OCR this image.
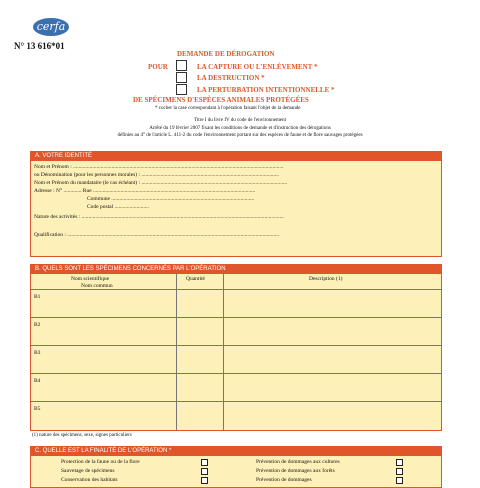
cerfa
N° 13 616*01
DEMANDE DE DÉROGATION
POUR	LA CAPTURE OU L'ENLÈVEMENT *
LA DESTRUCTION *
LA PERTURBATION INTENTIONNELLE *
DE SPÉCIMENS D'ESPÈCES ANIMALES PROTÉGÉES
* cocher la case correspondant à l'opération faisant l'objet de la demande
Titre I du livre IV du code de l'environnement
Arrêté du 19 février 2007 fixant les conditions de demande et d'instruction des dérogations
définies au 4° de l'article L. 411-2 du code l'environnement portant sur des espèces de faune et de flore sauvages protégées
A. VOTRE IDENTITÉ
Nom et Prénom : .........................................................................................................................................................
ou Dénomination (pour les personnes morales) : ....................................................................................................
Nom et Prénom du mandataire (le cas échéant) : ..........................................................................................................
Adresse : N° ............. Rue ......................................................................................................................
Commune ........................................................................................................
Code postal .........................
Nature des activités : ...................................................................................................................................................
Qualification : ..........................................................................................................................................................
B. QUELS SONT LES SPÉCIMENS CONCERNÉS PAR L'OPÉRATION
Nom scientifique
Nom commun
Quantité	Description (1)
B1
B2
B3
B4
B5
(1) nature des spécimens, sexe, signes particuliers
C. QUELLE EST LA FINALITÉ DE L'OPÉRATION *
Protection de la faune ou de la flore	Prévention de dommages aux cultures
Sauvetage de spécimens	Prévention de dommages aux forêts
Conservation des habitats	Prévention de dommages
